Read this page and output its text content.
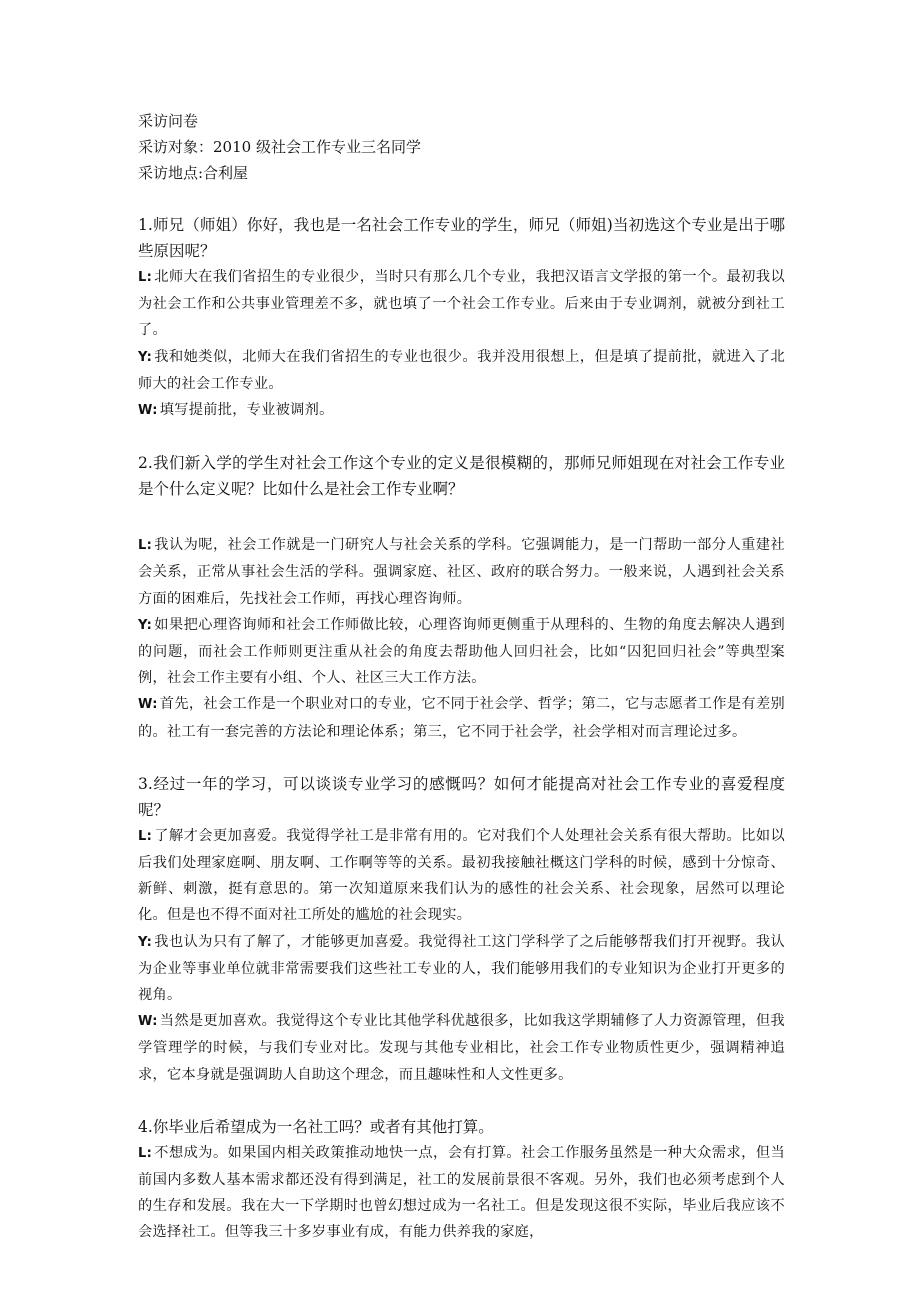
采访问卷

采访对象：2010 级社会工作专业三名同学

采访地点:合利屋

1.师兄（师姐）你好，我也是一名社会工作专业的学生，师兄（师姐)当初选这个专业是出于哪些原因呢？

L: 北师大在我们省招生的专业很少，当时只有那么几个专业，我把汉语言文学报的第一个。最初我以为社会工作和公共事业管理差不多，就也填了一个社会工作专业。后来由于专业调剂，就被分到社工了。

Y: 我和她类似，北师大在我们省招生的专业也很少。我并没用很想上，但是填了提前批，就进入了北师大的社会工作专业。

W: 填写提前批，专业被调剂。

2.我们新入学的学生对社会工作这个专业的定义是很模糊的，那师兄师姐现在对社会工作专业是个什么定义呢？比如什么是社会工作专业啊？

L: 我认为呢，社会工作就是一门研究人与社会关系的学科。它强调能力，是一门帮助一部分人重建社会关系，正常从事社会生活的学科。强调家庭、社区、政府的联合努力。一般来说，人遇到社会关系方面的困难后，先找社会工作师，再找心理咨询师。

Y: 如果把心理咨询师和社会工作师做比较，心理咨询师更侧重于从理科的、生物的角度去解决人遇到的问题，而社会工作师则更注重从社会的角度去帮助他人回归社会，比如“囚犯回归社会”等典型案例，社会工作主要有小组、个人、社区三大工作方法。

W: 首先，社会工作是一个职业对口的专业，它不同于社会学、哲学；第二，它与志愿者工作是有差别的。社工有一套完善的方法论和理论体系；第三，它不同于社会学，社会学相对而言理论过多。

3.经过一年的学习，可以谈谈专业学习的感慨吗？如何才能提高对社会工作专业的喜爱程度呢？

L: 了解才会更加喜爱。我觉得学社工是非常有用的。它对我们个人处理社会关系有很大帮助。比如以后我们处理家庭啊、朋友啊、工作啊等等的关系。最初我接触社概这门学科的时候，感到十分惊奇、新鲜、刺激，挺有意思的。第一次知道原来我们认为的感性的社会关系、社会现象，居然可以理论化。但是也不得不面对社工所处的尴尬的社会现实。

Y: 我也认为只有了解了，才能够更加喜爱。我觉得社工这门学科学了之后能够帮我们打开视野。我认为企业等事业单位就非常需要我们这些社工专业的人，我们能够用我们的专业知识为企业打开更多的视角。

W: 当然是更加喜欢。我觉得这个专业比其他学科优越很多，比如我这学期辅修了人力资源管理，但我学管理学的时候，与我们专业对比。发现与其他专业相比，社会工作专业物质性更少，强调精神追求，它本身就是强调助人自助这个理念，而且趣味性和人文性更多。

4.你毕业后希望成为一名社工吗？或者有其他打算。

L: 不想成为。如果国内相关政策推动地快一点，会有打算。社会工作服务虽然是一种大众需求，但当前国内多数人基本需求都还没有得到满足，社工的发展前景很不客观。另外，我们也必须考虑到个人的生存和发展。我在大一下学期时也曾幻想过成为一名社工。但是发现这很不实际，毕业后我应该不会选择社工。但等我三十多岁事业有成，有能力供养我的家庭，
